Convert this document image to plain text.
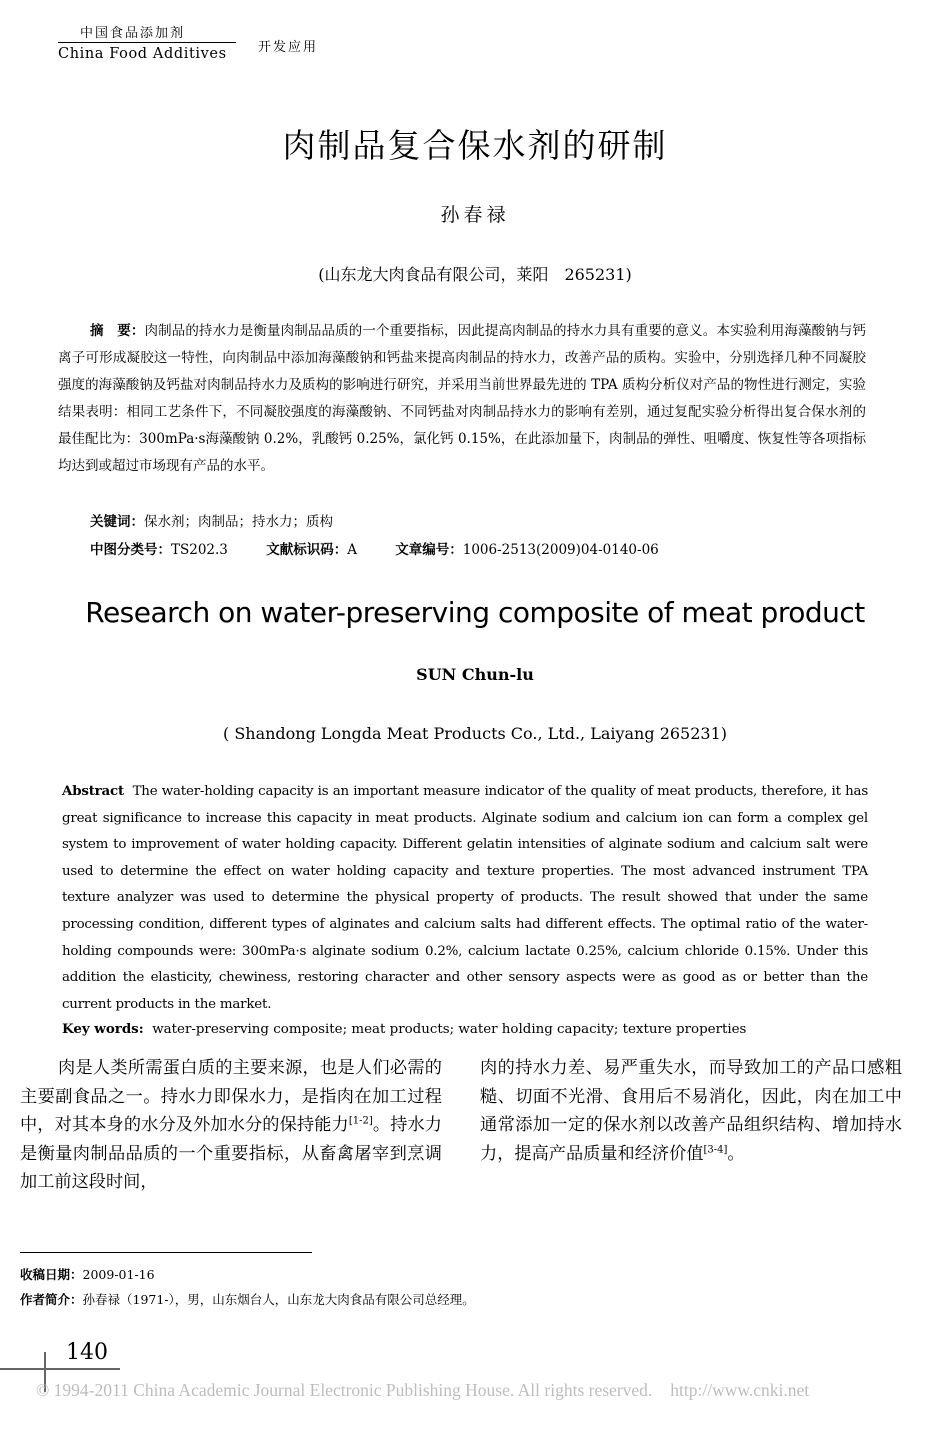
中国食品添加剂
China Food Additives 开发应用
肉制品复合保水剂的研制
孙春禄
(山东龙大肉食品有限公司，莱阳　265231)
摘　要：肉制品的持水力是衡量肉制品品质的一个重要指标，因此提高肉制品的持水力具有重要的意义。本实验利用海藻酸钠与钙离子可形成凝胶这一特性，向肉制品中添加海藻酸钠和钙盐来提高肉制品的持水力，改善产品的质构。实验中，分别选择几种不同凝胶强度的海藻酸钠及钙盐对肉制品持水力及质构的影响进行研究，并采用当前世界最先进的 TPA 质构分析仪对产品的物性进行测定，实验结果表明：相同工艺条件下，不同凝胶强度的海藻酸钠、不同钙盐对肉制品持水力的影响有差别，通过复配实验分析得出复合保水剂的最佳配比为：300mPa·s海藻酸钠 0.2%，乳酸钙 0.25%，氯化钙 0.15%，在此添加量下，肉制品的弹性、咀嚼度、恢复性等各项指标均达到或超过市场现有产品的水平。
关键词：保水剂；肉制品；持水力；质构
中图分类号：TS202.3	文献标识码：A	文章编号：1006-2513(2009)04-0140-06
Research on water-preserving composite of meat product
SUN Chun-lu
( Shandong Longda Meat Products Co., Ltd., Laiyang 265231)
Abstract The water-holding capacity is an important measure indicator of the quality of meat products, therefore, it has great significance to increase this capacity in meat products. Alginate sodium and calcium ion can form a complex gel system to improvement of water holding capacity. Different gelatin intensities of alginate sodium and calcium salt were used to determine the effect on water holding capacity and texture properties. The most advanced instrument TPA texture analyzer was used to determine the physical property of products. The result showed that under the same processing condition, different types of alginates and calcium salts had different effects. The optimal ratio of the water-holding compounds were: 300mPa·s alginate sodium 0.2%, calcium lactate 0.25%, calcium chloride 0.15%. Under this addition the elasticity, chewiness, restoring character and other sensory aspects were as good as or better than the current products in the market.
Key words: water-preserving composite; meat products; water holding capacity; texture properties
肉是人类所需蛋白质的主要来源，也是人们必需的主要副食品之一。持水力即保水力，是指肉在加工过程中，对其本身的水分及外加水分的保持能力[1-2]。持水力是衡量肉制品品质的一个重要指标，从畜禽屠宰到烹调加工前这段时间，
肉的持水力差、易严重失水，而导致加工的产品口感粗糙、切面不光滑、食用后不易消化，因此，肉在加工中通常添加一定的保水剂以改善产品组织结构、增加持水力，提高产品质量和经济价值[3-4]。
收稿日期：2009-01-16
作者简介：孙春禄（1971-），男，山东烟台人，山东龙大肉食品有限公司总经理。
140
© 1994-2011 China Academic Journal Electronic Publishing House. All rights reserved. http://www.cnki.net
